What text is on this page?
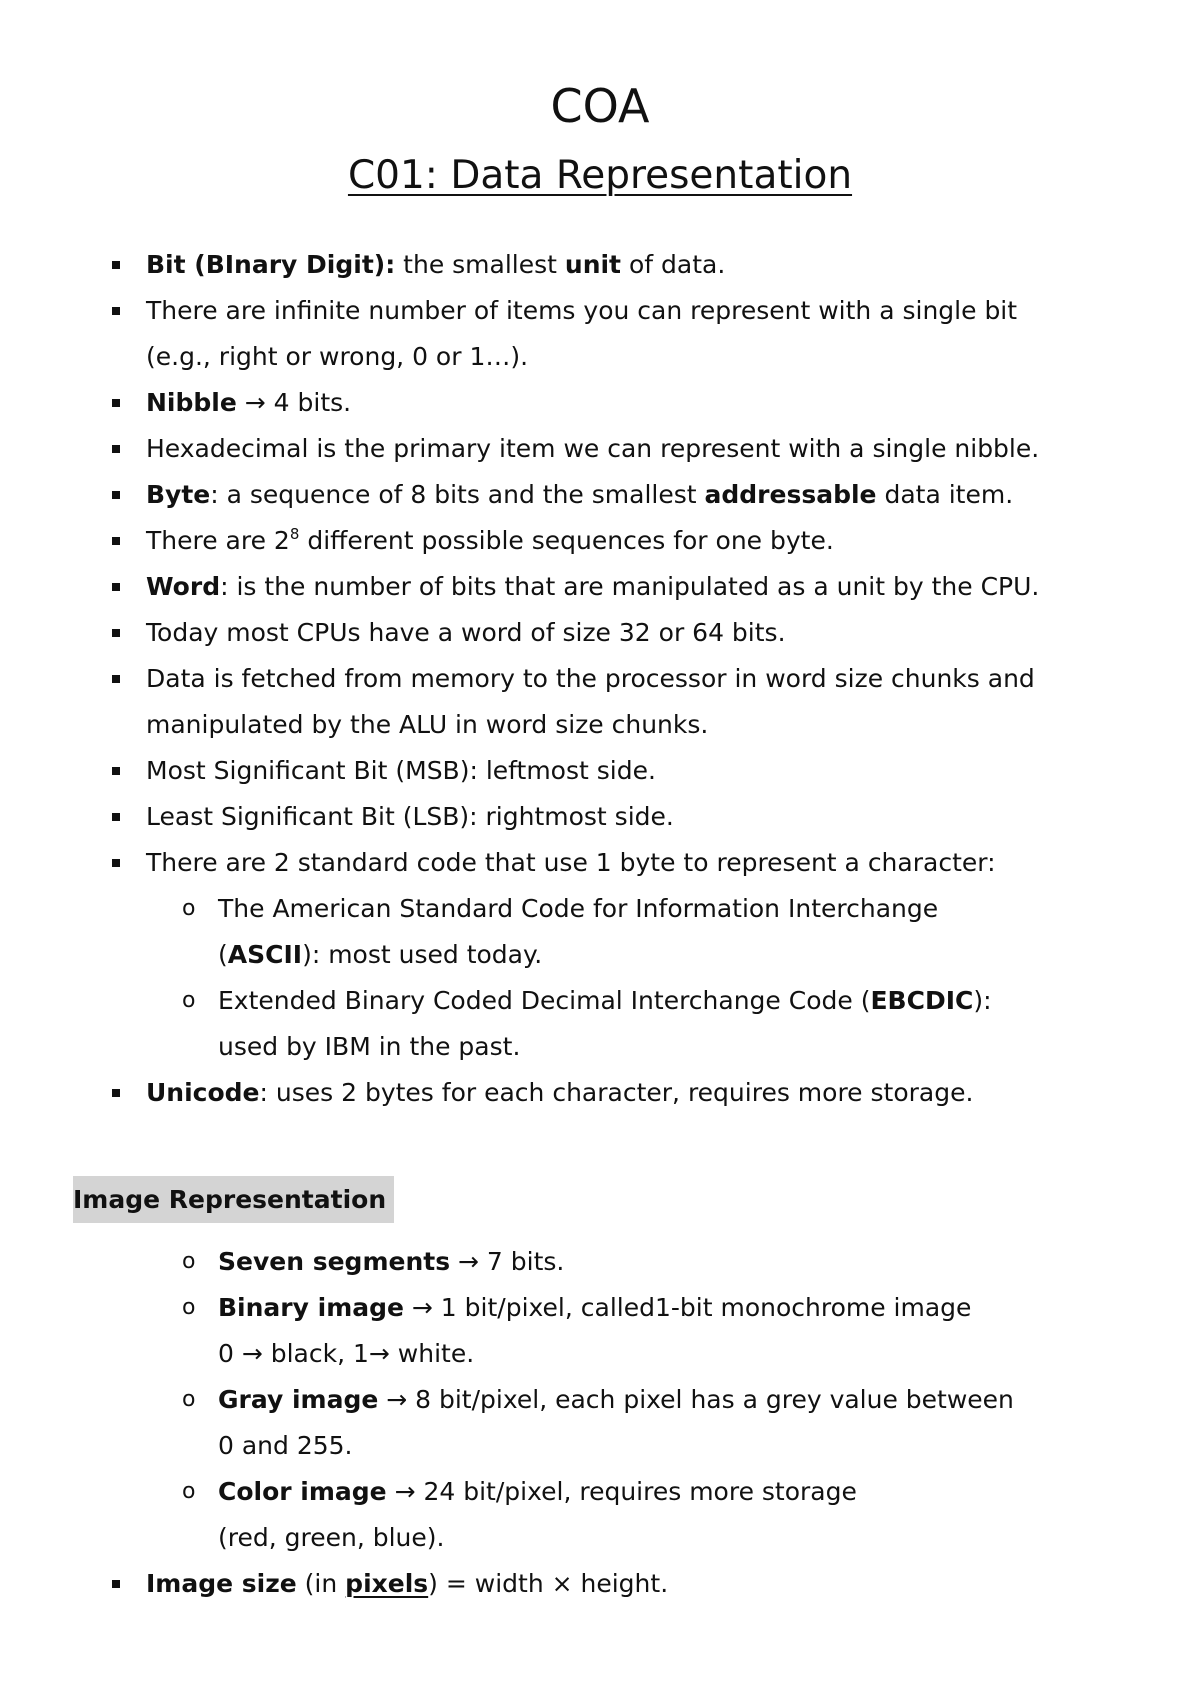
COA
C01: Data Representation
Bit (BInary Digit): the smallest unit of data.
There are infinite number of items you can represent with a single bit
(e.g., right or wrong, 0 or 1…).
Nibble → 4 bits.
Hexadecimal is the primary item we can represent with a single nibble.
Byte: a sequence of 8 bits and the smallest addressable data item.
There are $2^8$ different possible sequences for one byte.
Word: is the number of bits that are manipulated as a unit by the CPU.
Today most CPUs have a word of size 32 or 64 bits.
Data is fetched from memory to the processor in word size chunks and
manipulated by the ALU in word size chunks.
Most Significant Bit (MSB): leftmost side.
Least Significant Bit (LSB): rightmost side.
There are 2 standard code that use 1 byte to represent a character:
o The American Standard Code for Information Interchange
(ASCII): most used today.
o Extended Binary Coded Decimal Interchange Code (EBCDIC):
used by IBM in the past.
Unicode: uses 2 bytes for each character, requires more storage.
Image Representation
o Seven segments → 7 bits.
o Binary image → 1 bit/pixel, called1-bit monochrome image
0 → black, 1→ white.
o Gray image → 8 bit/pixel, each pixel has a grey value between
0 and 255.
o Color image → 24 bit/pixel, requires more storage
(red, green, blue).
Image size (in pixels) = width × height.
